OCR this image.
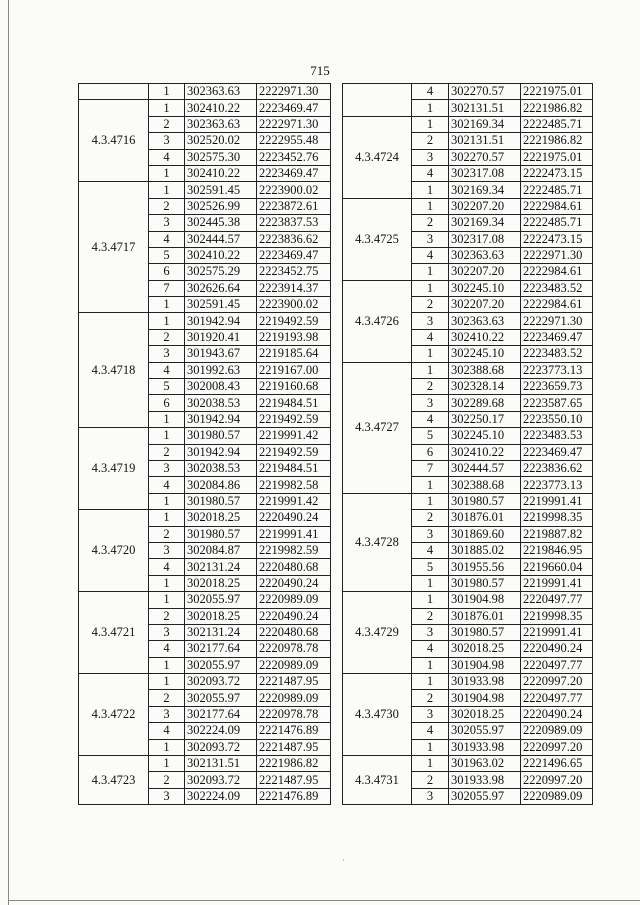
·
715
	1	302363.63	2222971.30
4.3.4716	1	302410.22	2223469.47
	2	302363.63	2222971.30
	3	302520.02	2222955.48
	4	302575.30	2223452.76
	1	302410.22	2223469.47
4.3.4717	1	302591.45	2223900.02
	2	302526.99	2223872.61
	3	302445.38	2223837.53
	4	302444.57	2223836.62
	5	302410.22	2223469.47
	6	302575.29	2223452.75
	7	302626.64	2223914.37
	1	302591.45	2223900.02
4.3.4718	1	301942.94	2219492.59
	2	301920.41	2219193.98
	3	301943.67	2219185.64
	4	301992.63	2219167.00
	5	302008.43	2219160.68
	6	302038.53	2219484.51
	1	301942.94	2219492.59
4.3.4719	1	301980.57	2219991.42
	2	301942.94	2219492.59
	3	302038.53	2219484.51
	4	302084.86	2219982.58
	1	301980.57	2219991.42
4.3.4720	1	302018.25	2220490.24
	2	301980.57	2219991.41
	3	302084.87	2219982.59
	4	302131.24	2220480.68
	1	302018.25	2220490.24
4.3.4721	1	302055.97	2220989.09
	2	302018.25	2220490.24
	3	302131.24	2220480.68
	4	302177.64	2220978.78
	1	302055.97	2220989.09
4.3.4722	1	302093.72	2221487.95
	2	302055.97	2220989.09
	3	302177.64	2220978.78
	4	302224.09	2221476.89
	1	302093.72	2221487.95
4.3.4723	1	302131.51	2221986.82
	2	302093.72	2221487.95
	3	302224.09	2221476.89
	4	302270.57	2221975.01
	1	302131.51	2221986.82
4.3.4724	1	302169.34	2222485.71
	2	302131.51	2221986.82
	3	302270.57	2221975.01
	4	302317.08	2222473.15
	1	302169.34	2222485.71
4.3.4725	1	302207.20	2222984.61
	2	302169.34	2222485.71
	3	302317.08	2222473.15
	4	302363.63	2222971.30
	1	302207.20	2222984.61
4.3.4726	1	302245.10	2223483.52
	2	302207.20	2222984.61
	3	302363.63	2222971.30
	4	302410.22	2223469.47
	1	302245.10	2223483.52
4.3.4727	1	302388.68	2223773.13
	2	302328.14	2223659.73
	3	302289.68	2223587.65
	4	302250.17	2223550.10
	5	302245.10	2223483.53
	6	302410.22	2223469.47
	7	302444.57	2223836.62
	1	302388.68	2223773.13
4.3.4728	1	301980.57	2219991.41
	2	301876.01	2219998.35
	3	301869.60	2219887.82
	4	301885.02	2219846.95
	5	301955.56	2219660.04
	1	301980.57	2219991.41
4.3.4729	1	301904.98	2220497.77
	2	301876.01	2219998.35
	3	301980.57	2219991.41
	4	302018.25	2220490.24
	1	301904.98	2220497.77
4.3.4730	1	301933.98	2220997.20
	2	301904.98	2220497.77
	3	302018.25	2220490.24
	4	302055.97	2220989.09
	1	301933.98	2220997.20
4.3.4731	1	301963.02	2221496.65
	2	301933.98	2220997.20
	3	302055.97	2220989.09
